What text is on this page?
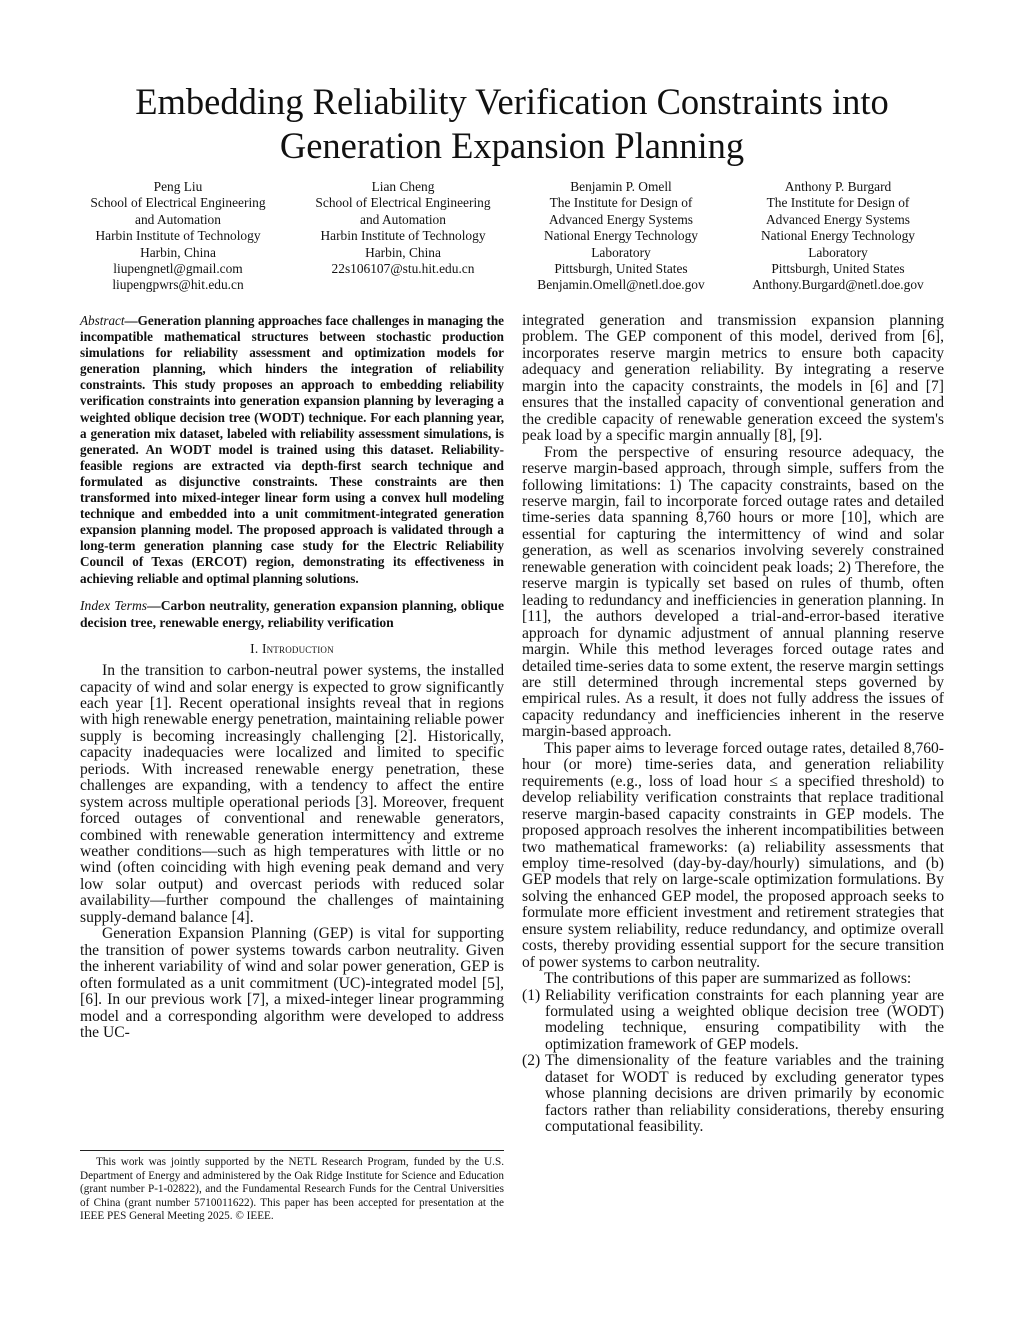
Embedding Reliability Verification Constraints into
Generation Expansion Planning
Peng Liu
School of Electrical Engineering
and Automation
Harbin Institute of Technology
Harbin, China
liupengnetl@gmail.com
liupengpwrs@hit.edu.cn
Lian Cheng
School of Electrical Engineering
and Automation
Harbin Institute of Technology
Harbin, China
22s106107@stu.hit.edu.cn
Benjamin P. Omell
The Institute for Design of
Advanced Energy Systems
National Energy Technology
Laboratory
Pittsburgh, United States
Benjamin.Omell@netl.doe.gov
Anthony P. Burgard
The Institute for Design of
Advanced Energy Systems
National Energy Technology
Laboratory
Pittsburgh, United States
Anthony.Burgard@netl.doe.gov

Abstract—Generation planning approaches face challenges in managing the incompatible mathematical structures between stochastic production simulations for reliability assessment and optimization models for generation planning, which hinders the integration of reliability constraints. This study proposes an approach to embedding reliability verification constraints into generation expansion planning by leveraging a weighted oblique decision tree (WODT) technique. For each planning year, a generation mix dataset, labeled with reliability assessment simulations, is generated. An WODT model is trained using this dataset. Reliability-feasible regions are extracted via depth-first search technique and formulated as disjunctive constraints. These constraints are then transformed into mixed-integer linear form using a convex hull modeling technique and embedded into a unit commitment-integrated generation expansion planning model. The proposed approach is validated through a long-term generation planning case study for the Electric Reliability Council of Texas (ERCOT) region, demonstrating its effectiveness in achieving reliable and optimal planning solutions.

Index Terms—Carbon neutrality, generation expansion planning, oblique decision tree, renewable energy, reliability verification

I. Introduction

In the transition to carbon-neutral power systems, the installed capacity of wind and solar energy is expected to grow significantly each year [1]. Recent operational insights reveal that in regions with high renewable energy penetration, maintaining reliable power supply is becoming increasingly challenging [2]. Historically, capacity inadequacies were localized and limited to specific periods. With increased renewable energy penetration, these challenges are expanding, with a tendency to affect the entire system across multiple operational periods [3]. Moreover, frequent forced outages of conventional and renewable generators, combined with renewable generation intermittency and extreme weather conditions—such as high temperatures with little or no wind (often coinciding with high evening peak demand and very low solar output) and overcast periods with reduced solar availability—further compound the challenges of maintaining supply-demand balance [4].

Generation Expansion Planning (GEP) is vital for supporting the transition of power systems towards carbon neutrality. Given the inherent variability of wind and solar power generation, GEP is often formulated as a unit commitment (UC)-integrated model [5], [6]. In our previous work [7], a mixed-integer linear programming model and a corresponding algorithm were developed to address the UC-

This work was jointly supported by the NETL Research Program, funded by the U.S. Department of Energy and administered by the Oak Ridge Institute for Science and Education (grant number P-1-02822), and the Fundamental Research Funds for the Central Universities of China (grant number 5710011622). This paper has been accepted for presentation at the IEEE PES General Meeting 2025. © IEEE.

integrated generation and transmission expansion planning problem. The GEP component of this model, derived from [6], incorporates reserve margin metrics to ensure both capacity adequacy and generation reliability. By integrating a reserve margin into the capacity constraints, the models in [6] and [7] ensures that the installed capacity of conventional generation and the credible capacity of renewable generation exceed the system's peak load by a specific margin annually [8], [9].

From the perspective of ensuring resource adequacy, the reserve margin-based approach, through simple, suffers from the following limitations: 1) The capacity constraints, based on the reserve margin, fail to incorporate forced outage rates and detailed time-series data spanning 8,760 hours or more [10], which are essential for capturing the intermittency of wind and solar generation, as well as scenarios involving severely constrained renewable generation with coincident peak loads; 2) Therefore, the reserve margin is typically set based on rules of thumb, often leading to redundancy and inefficiencies in generation planning. In [11], the authors developed a trial-and-error-based iterative approach for dynamic adjustment of annual planning reserve margin. While this method leverages forced outage rates and detailed time-series data to some extent, the reserve margin settings are still determined through incremental steps governed by empirical rules. As a result, it does not fully address the issues of capacity redundancy and inefficiencies inherent in the reserve margin-based approach.

This paper aims to leverage forced outage rates, detailed 8,760-hour (or more) time-series data, and generation reliability requirements (e.g., loss of load hour ≤ a specified threshold) to develop reliability verification constraints that replace traditional reserve margin-based capacity constraints in GEP models. The proposed approach resolves the inherent incompatibilities between two mathematical frameworks: (a) reliability assessments that employ time-resolved (day-by-day/hourly) simulations, and (b) GEP models that rely on large-scale optimization formulations. By solving the enhanced GEP model, the proposed approach seeks to formulate more efficient investment and retirement strategies that ensure system reliability, reduce redundancy, and optimize overall costs, thereby providing essential support for the secure transition of power systems to carbon neutrality.

The contributions of this paper are summarized as follows:

(1) Reliability verification constraints for each planning year are formulated using a weighted oblique decision tree (WODT) modeling technique, ensuring compatibility with the optimization framework of GEP models.
(2) The dimensionality of the feature variables and the training dataset for WODT is reduced by excluding generator types whose planning decisions are driven primarily by economic factors rather than reliability considerations, thereby ensuring computational feasibility.
